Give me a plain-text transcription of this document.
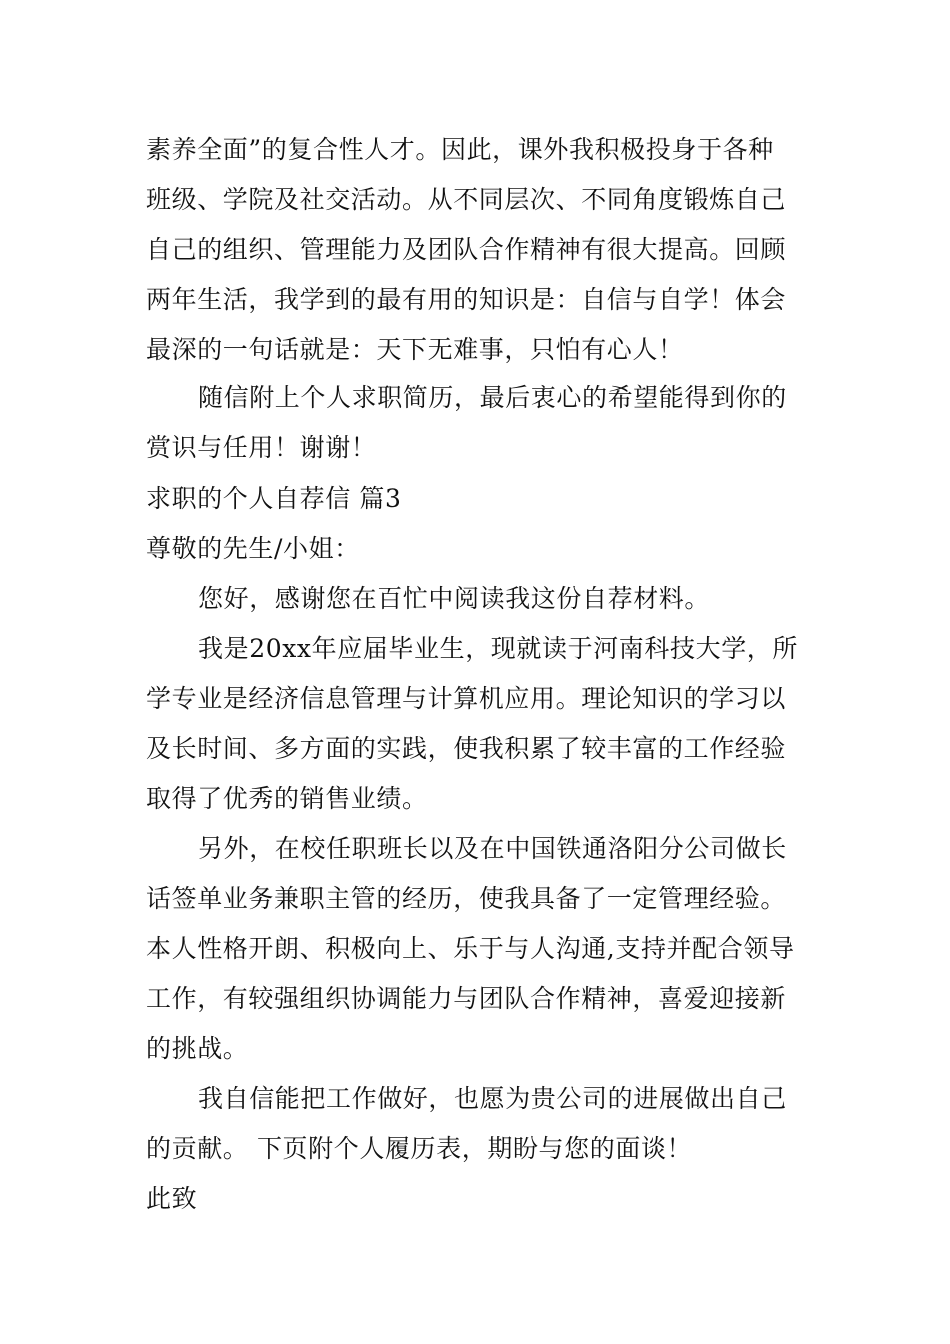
素养全面”的复合性人才。因此，课外我积极投身于各种
班级、学院及社交活动。从不同层次、不同角度锻炼自己
自己的组织、管理能力及团队合作精神有很大提高。回顾
两年生活，我学到的最有用的知识是：自信与自学！体会
最深的一句话就是：天下无难事，只怕有心人！
随信附上个人求职简历，最后衷心的希望能得到你的
赏识与任用！谢谢！
求职的个人自荐信 篇3
尊敬的先生/小姐：
您好，感谢您在百忙中阅读我这份自荐材料。
我是20xx年应届毕业生，现就读于河南科技大学，所
学专业是经济信息管理与计算机应用。理论知识的学习以
及长时间、多方面的实践，使我积累了较丰富的工作经验
取得了优秀的销售业绩。
另外，在校任职班长以及在中国铁通洛阳分公司做长
话签单业务兼职主管的经历，使我具备了一定管理经验。
本人性格开朗、积极向上、乐于与人沟通,支持并配合领导
工作，有较强组织协调能力与团队合作精神，喜爱迎接新
的挑战。
我自信能把工作做好，也愿为贵公司的进展做出自己
的贡献。 下页附个人履历表，期盼与您的面谈！
此致
